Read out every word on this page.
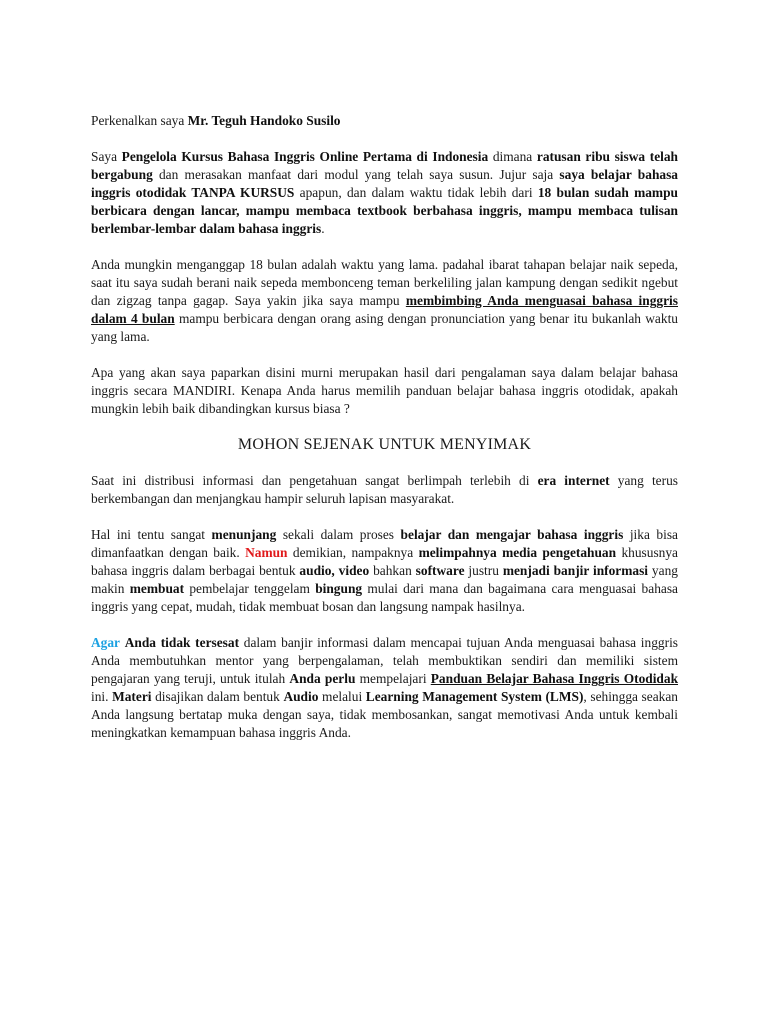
Perkenalkan saya Mr. Teguh Handoko Susilo

Saya Pengelola Kursus Bahasa Inggris Online Pertama di Indonesia dimana ratusan ribu siswa telah bergabung dan merasakan manfaat dari modul yang telah saya susun. Jujur saja saya belajar bahasa inggris otodidak TANPA KURSUS apapun, dan dalam waktu tidak lebih dari 18 bulan sudah mampu berbicara dengan lancar, mampu membaca textbook berbahasa inggris, mampu membaca tulisan berlembar-lembar dalam bahasa inggris.

Anda mungkin menganggap 18 bulan adalah waktu yang lama. padahal ibarat tahapan belajar naik sepeda, saat itu saya sudah berani naik sepeda membonceng teman berkeliling jalan kampung dengan sedikit ngebut dan zigzag tanpa gagap. Saya yakin jika saya mampu membimbing Anda menguasai bahasa inggris dalam 4 bulan mampu berbicara dengan orang asing dengan pronunciation yang benar itu bukanlah waktu yang lama.

Apa yang akan saya paparkan disini murni merupakan hasil dari pengalaman saya dalam belajar bahasa inggris secara MANDIRI. Kenapa Anda harus memilih panduan belajar bahasa inggris otodidak, apakah mungkin lebih baik dibandingkan kursus biasa ?

MOHON SEJENAK UNTUK MENYIMAK

Saat ini distribusi informasi dan pengetahuan sangat berlimpah terlebih di era internet yang terus berkembangan dan menjangkau hampir seluruh lapisan masyarakat.

Hal ini tentu sangat menunjang sekali dalam proses belajar dan mengajar bahasa inggris jika bisa dimanfaatkan dengan baik. Namun demikian, nampaknya melimpahnya media pengetahuan khususnya bahasa inggris dalam berbagai bentuk audio, video bahkan software justru menjadi banjir informasi yang makin membuat pembelajar tenggelam bingung mulai dari mana dan bagaimana cara menguasai bahasa inggris yang cepat, mudah, tidak membuat bosan dan langsung nampak hasilnya.

Agar Anda tidak tersesat dalam banjir informasi dalam mencapai tujuan Anda menguasai bahasa inggris Anda membutuhkan mentor yang berpengalaman, telah membuktikan sendiri dan memiliki sistem pengajaran yang teruji, untuk itulah Anda perlu mempelajari Panduan Belajar Bahasa Inggris Otodidak ini. Materi disajikan dalam bentuk Audio melalui Learning Management System (LMS), sehingga seakan Anda langsung bertatap muka dengan saya, tidak membosankan, sangat memotivasi Anda untuk kembali meningkatkan kemampuan bahasa inggris Anda.
